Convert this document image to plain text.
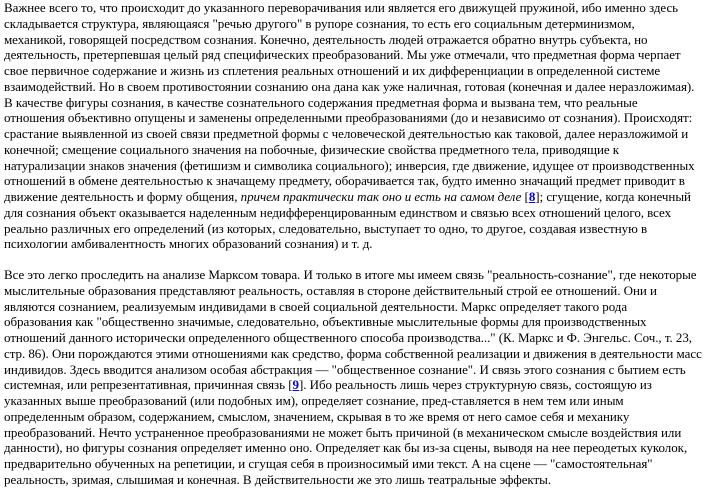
Важнее всего то, что происходит до указанного переворачивания или является его движущей пружиной, ибо именно здесь
складывается структура, являющаяся "речью другого" в рупоре сознания, то есть его социальным детерминизмом,
механикой, говорящей посредством сознания. Конечно, деятельность людей отражается обратно внутрь субъекта, но
деятельность, претерпевшая целый ряд специфических преобразований. Мы уже отмечали, что предметная форма черпает
свое первичное содержание и жизнь из сплетения реальных отношений и их дифференциации в определенной системе
взаимодействий. Но в своем противостоянии сознанию она дана как уже наличная, готовая (конечная и далее неразложимая).
В качестве фигуры сознания, в качестве сознательного содержания предметная форма и вызвана тем, что реальные
отношения объективно опущены и заменены определенными преобразованиями (до и независимо от сознания). Происходят:
срастание выявленной из своей связи предметной формы с человеческой деятельностью как таковой, далее неразложимой и
конечной; смещение социального значения на побочные, физические свойства предметного тела, приводящие к
натурализации знаков значения (фетишизм и символика социального); инверсия, где движение, идущее от производственных
отношений в обмене деятельностью к значащему предмету, оборачивается так, будто именно значащий предмет приводит в
движение деятельность и форму общения, причем практически так оно и есть на самом деле [8]; сгущение, когда конечный
для сознания объект оказывается наделенным недифференцированным единством и связью всех отношений целого, всех
реально различных его определений (из которых, следовательно, выступает то одно, то другое, создавая известную в
психологии амбивалентность многих образований сознания) и т. д.

Все это легко проследить на анализе Марксом товара. И только в итоге мы имеем связь "реальность-сознание", где некоторые
мыслительные образования представляют реальность, оставляя в стороне действительный строй ее отношений. Они и
являются сознанием, реализуемым индивидами в своей социальной деятельности. Маркс определяет такого рода
образования как "общественно значимые, следовательно, объективные мыслительные формы для производственных
отношений данного исторически определенного общественного способа производства..." (К. Маркс и Ф. Энгельс. Соч., т. 23,
стр. 86). Они порождаются этими отношениями как средство, форма собственной реализации и движения в деятельности масс
индивидов. Здесь вводится анализом особая абстракция — "общественное сознание". И связь этого сознания с бытием есть
системная, или репрезентативная, причинная связь [9]. Ибо реальность лишь через структурную связь, состоящую из
указанных выше преобразований (или подобных им), определяет сознание, пред-ставляется в нем тем или иным
определенным образом, содержанием, смыслом, значением, скрывая в то же время от него самое себя и механику
преобразований. Нечто устраненное преобразованиями не может быть причиной (в механическом смысле воздействия или
данности), но фигуры сознания определяет именно оно. Определяет как бы из-за сцены, выводя на нее переодетых куколок,
предварительно обученных на репетиции, и сгущая себя в произносимый ими текст. А на сцене — "самостоятельная"
реальность, зримая, слышимая и конечная. В действительности же это лишь театральные эффекты.
